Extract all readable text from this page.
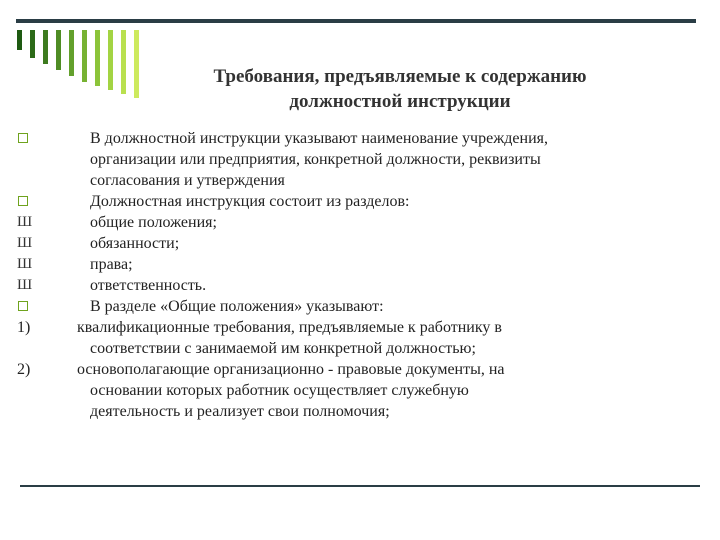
Требования, предъявляемые к содержанию
должностной инструкции
В должностной инструкции указывают наименование учреждения,
организации или предприятия, конкретной должности, реквизиты
согласования и утверждения
Должностная инструкция состоит из разделов:
Ш	общие положения;
Ш	обязанности;
Ш	права;
Ш	ответственность.
В разделе «Общие положения» указывают:
1)	квалификационные требования, предъявляемые к работнику в
соответствии с занимаемой им конкретной должностью;
2)	основополагающие организационно - правовые документы, на
основании которых работник осуществляет служебную
деятельность и реализует свои полномочия;
